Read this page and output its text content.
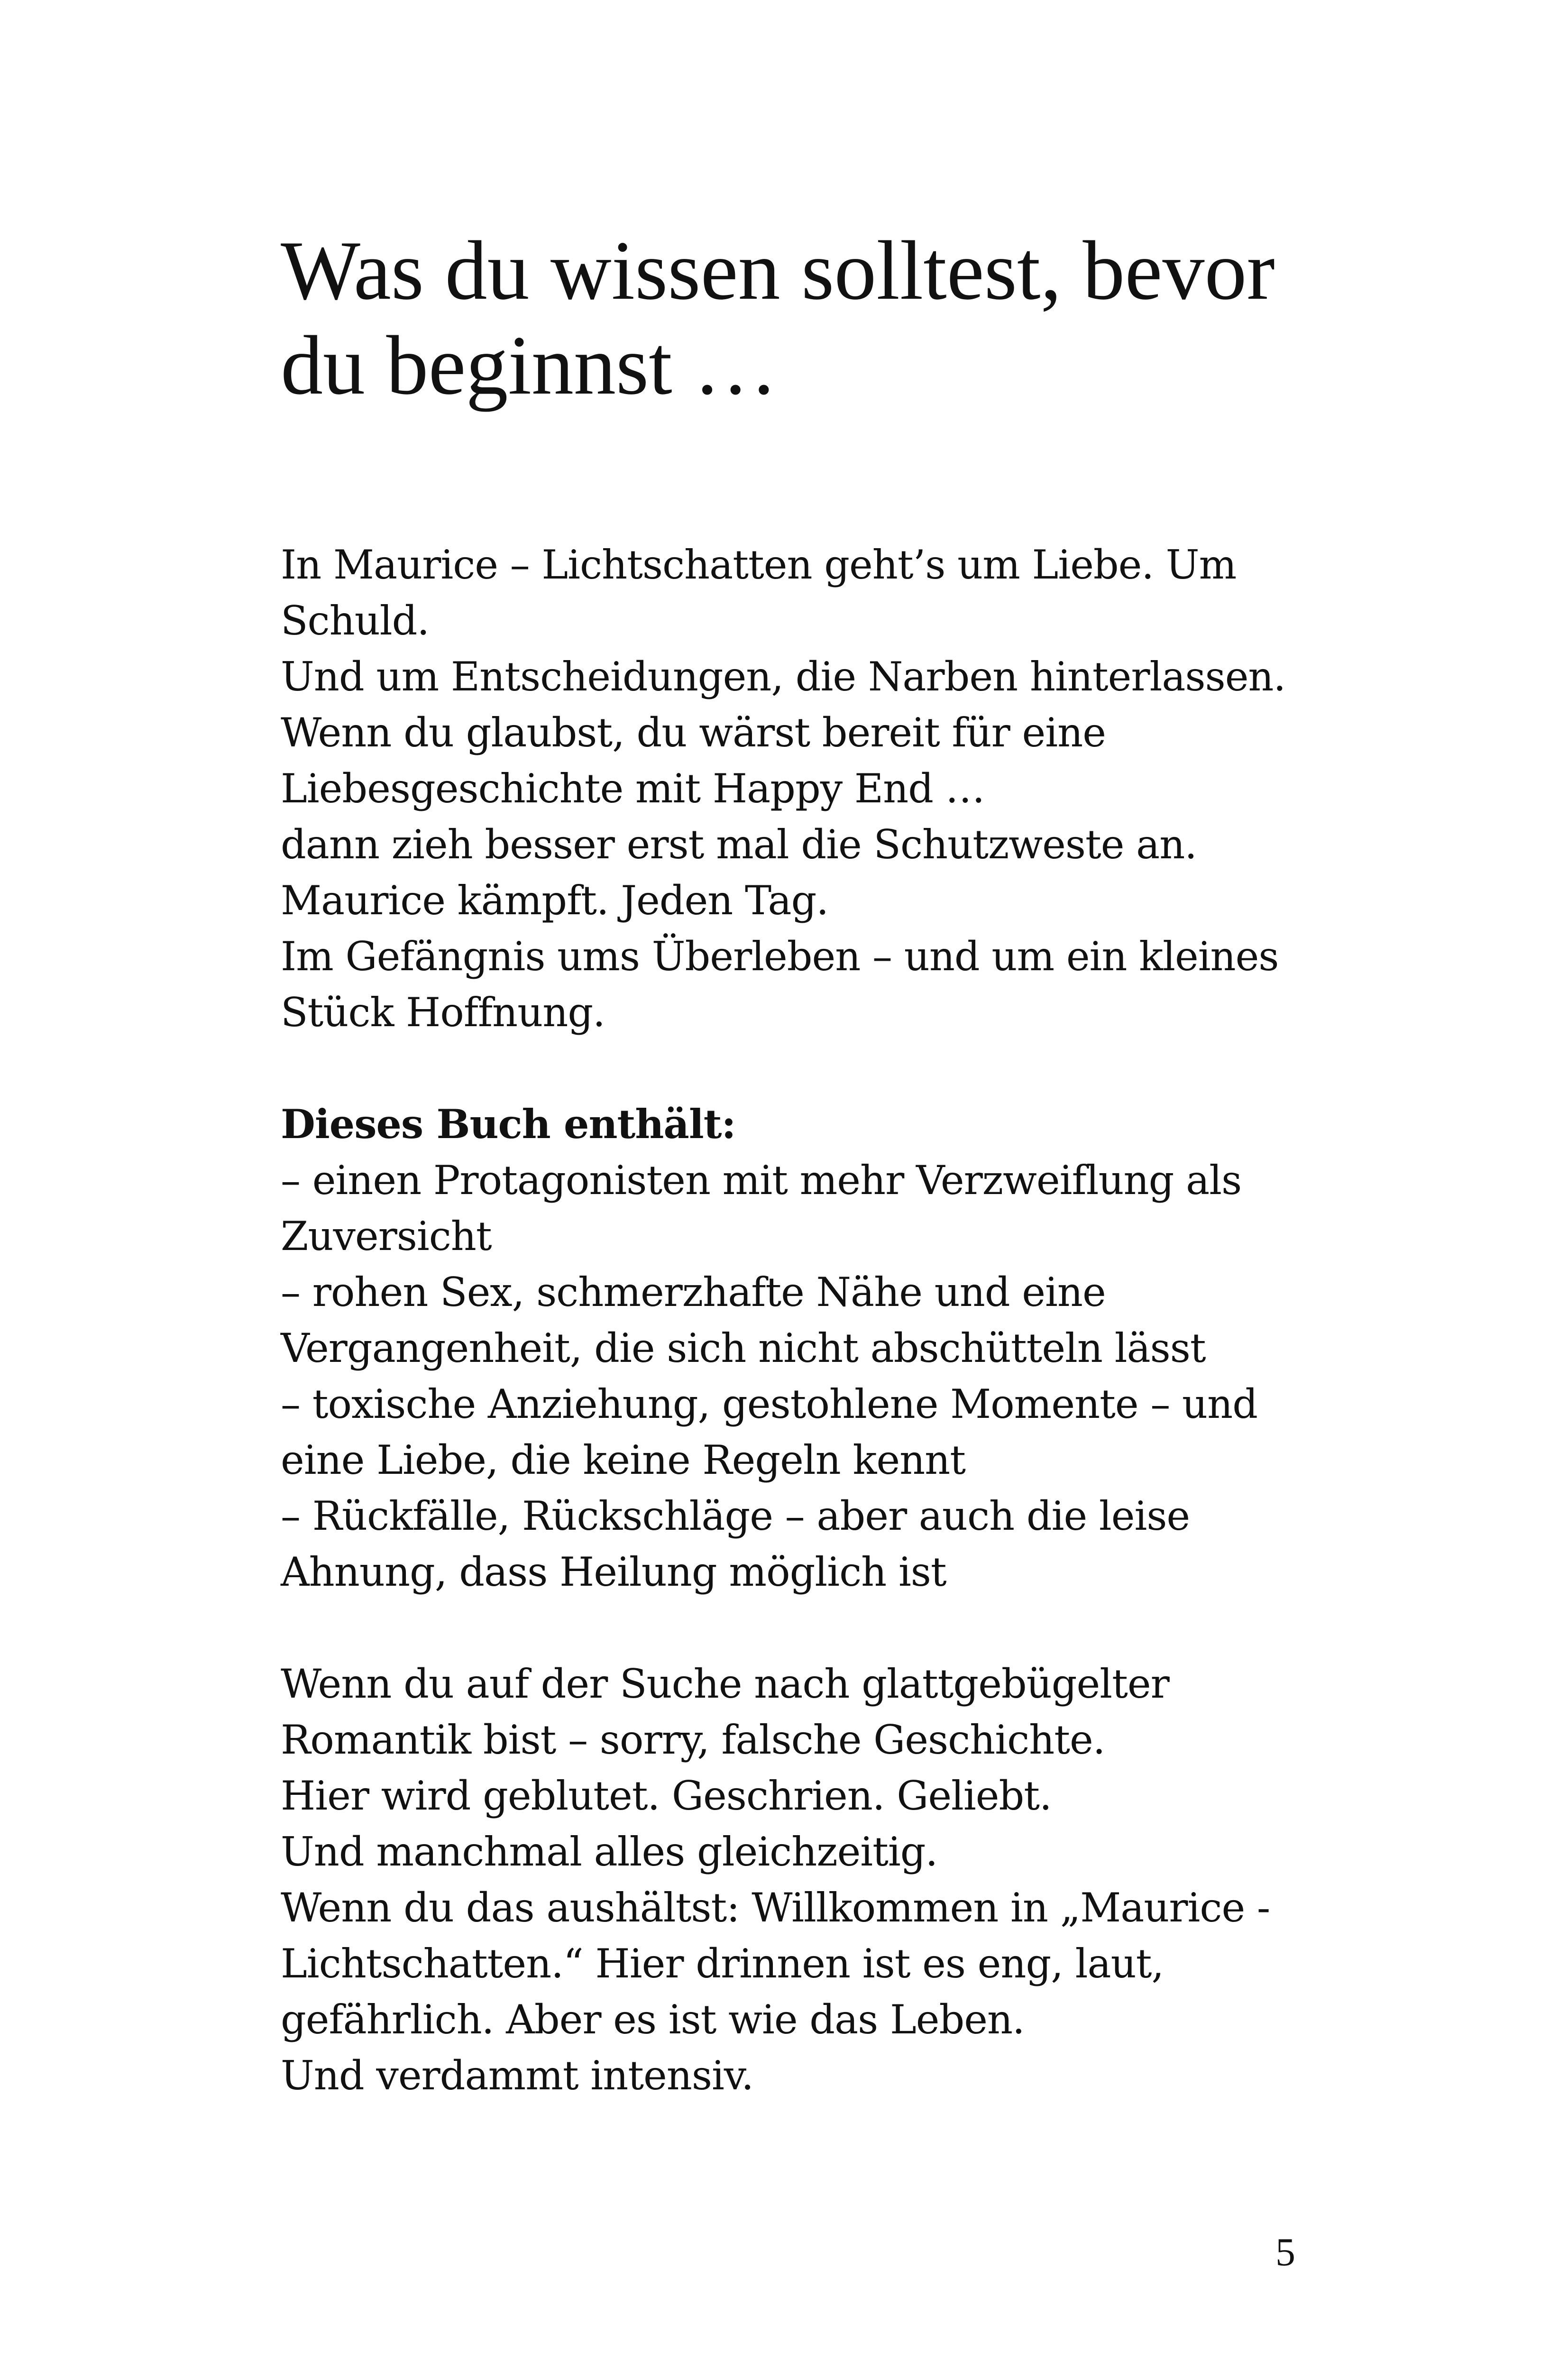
Was du wissen solltest, bevor
du beginnst …
In Maurice – Lichtschatten geht’s um Liebe. Um
Schuld.
Und um Entscheidungen, die Narben hinterlassen.
Wenn du glaubst, du wärst bereit für eine
Liebesgeschichte mit Happy End …
dann zieh besser erst mal die Schutzweste an.
Maurice kämpft. Jeden Tag.
Im Gefängnis ums Überleben – und um ein kleines
Stück Hoffnung.
Dieses Buch enthält:
– einen Protagonisten mit mehr Verzweiflung als
Zuversicht
– rohen Sex, schmerzhafte Nähe und eine
Vergangenheit, die sich nicht abschütteln lässt
– toxische Anziehung, gestohlene Momente – und
eine Liebe, die keine Regeln kennt
– Rückfälle, Rückschläge – aber auch die leise
Ahnung, dass Heilung möglich ist
Wenn du auf der Suche nach glattgebügelter
Romantik bist – sorry, falsche Geschichte.
Hier wird geblutet. Geschrien. Geliebt.
Und manchmal alles gleichzeitig.
Wenn du das aushältst: Willkommen in „Maurice -
Lichtschatten.“ Hier drinnen ist es eng, laut,
gefährlich. Aber es ist wie das Leben.
Und verdammt intensiv.
5
